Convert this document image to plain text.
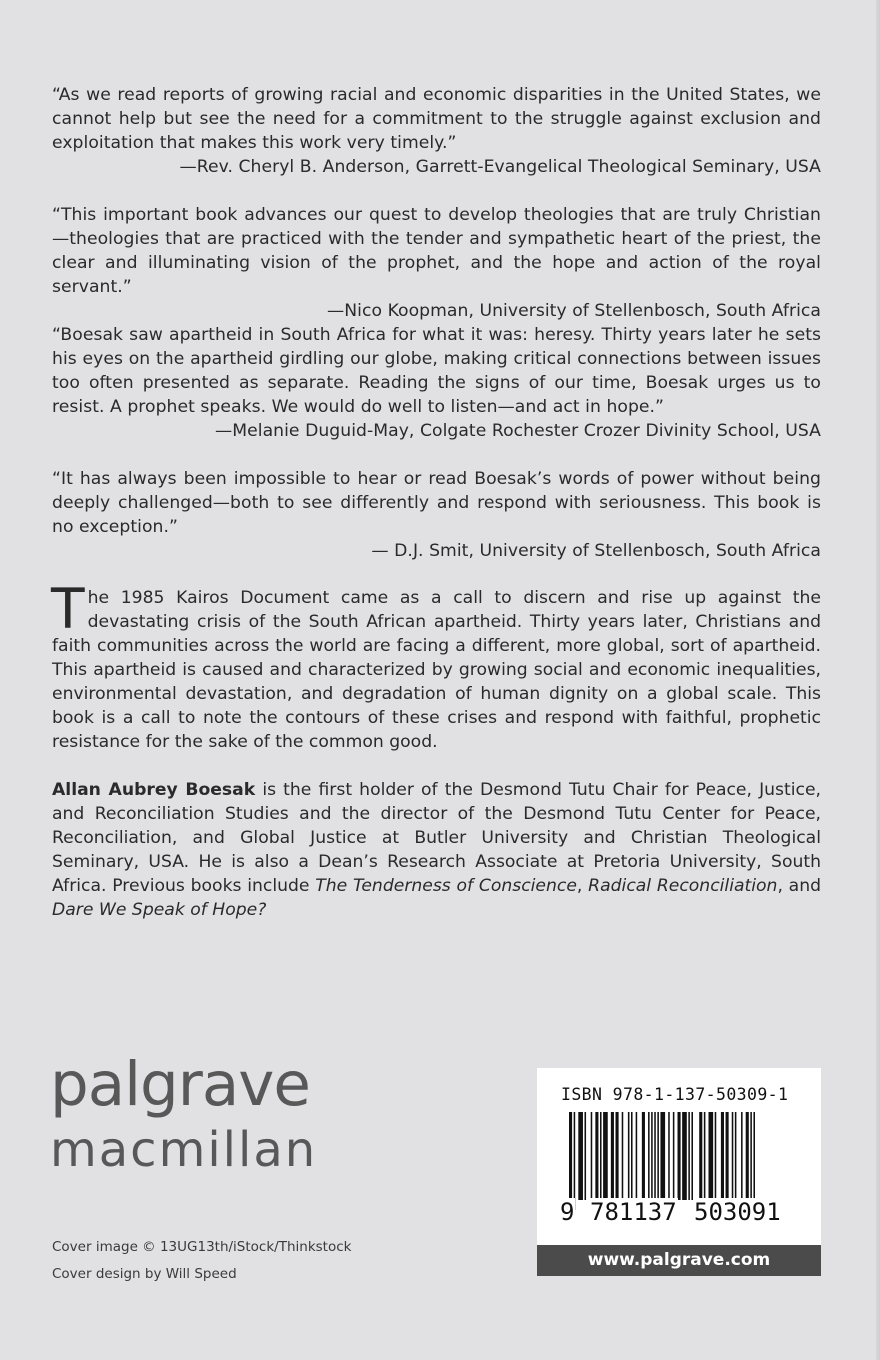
“As we read reports of growing racial and economic disparities in the United States, we cannot help but see the need for a commitment to the struggle against exclusion and exploitation that makes this work very timely.”
—Rev. Cheryl B. Anderson, Garrett-Evangelical Theological Seminary, USA
“This important book advances our quest to develop theologies that are truly Christian—theologies that are practiced with the tender and sympathetic heart of the priest, the clear and illuminating vision of the prophet, and the hope and action of the royal servant.”
—Nico Koopman, University of Stellenbosch, South Africa
“Boesak saw apartheid in South Africa for what it was: heresy. Thirty years later he sets his eyes on the apartheid girdling our globe, making critical connections between issues too often presented as separate. Reading the signs of our time, Boesak urges us to resist. A prophet speaks. We would do well to listen—and act in hope.”
—Melanie Duguid-May, Colgate Rochester Crozer Divinity School, USA
“It has always been impossible to hear or read Boesak’s words of power without being deeply challenged—both to see differently and respond with seriousness. This book is no exception.”
— D.J. Smit, University of Stellenbosch, South Africa
The 1985 Kairos Document came as a call to discern and rise up against the devastating crisis of the South African apartheid. Thirty years later, Christians and faith communities across the world are facing a different, more global, sort of apartheid. This apartheid is caused and characterized by growing social and economic inequalities, environmental devastation, and degradation of human dignity on a global scale. This book is a call to note the contours of these crises and respond with faithful, prophetic resistance for the sake of the common good.
Allan Aubrey Boesak is the first holder of the Desmond Tutu Chair for Peace, Justice, and Reconciliation Studies and the director of the Desmond Tutu Center for Peace, Reconciliation, and Global Justice at Butler University and Christian Theological Seminary, USA. He is also a Dean’s Research Associate at Pretoria University, South Africa. Previous books include The Tenderness of Conscience, Radical Reconciliation, and Dare We Speak of Hope?
palgrave
macmillan
Cover image © 13UG13th/iStock/Thinkstock
Cover design by Will Speed
ISBN 978-1-137-50309-1
9 781137 503091
www.palgrave.com
